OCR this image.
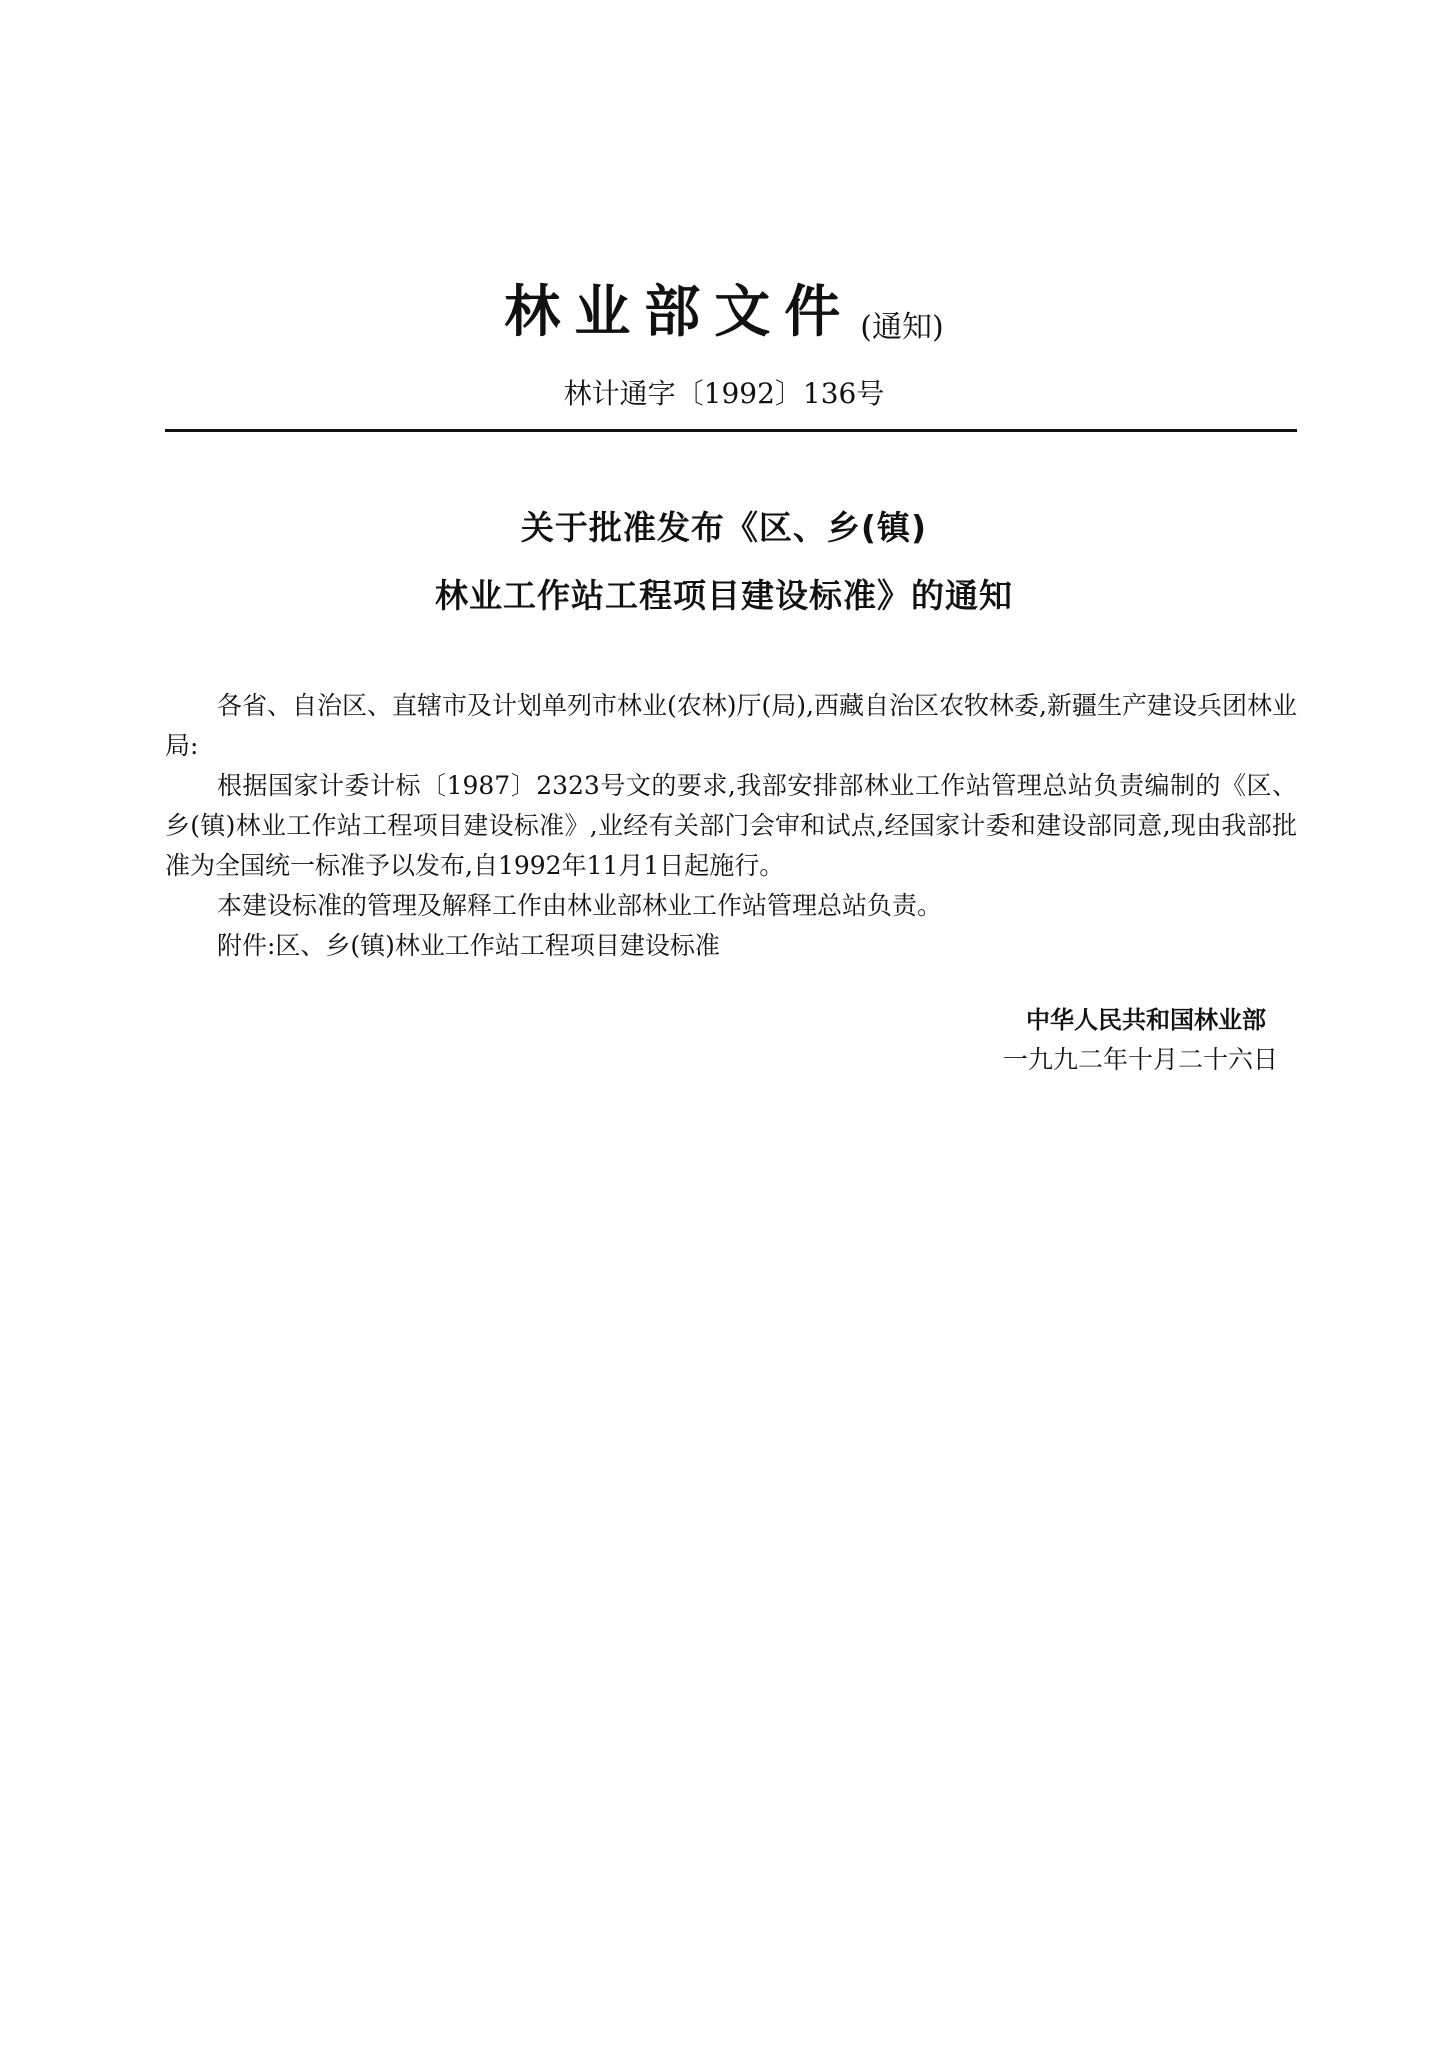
林业部文件 (通知)
林计通字〔1992〕136号
关于批准发布《区、乡(镇)
林业工作站工程项目建设标准》的通知

各省、自治区、直辖市及计划单列市林业(农林)厅(局),西藏自治区农牧林委,新疆生产建设兵团林业局:

根据国家计委计标〔1987〕2323号文的要求,我部安排部林业工作站管理总站负责编制的《区、乡(镇)林业工作站工程项目建设标准》,业经有关部门会审和试点,经国家计委和建设部同意,现由我部批准为全国统一标准予以发布,自1992年11月1日起施行。

本建设标准的管理及解释工作由林业部林业工作站管理总站负责。

附件:区、乡(镇)林业工作站工程项目建设标准

中华人民共和国林业部
一九九二年十月二十六日
